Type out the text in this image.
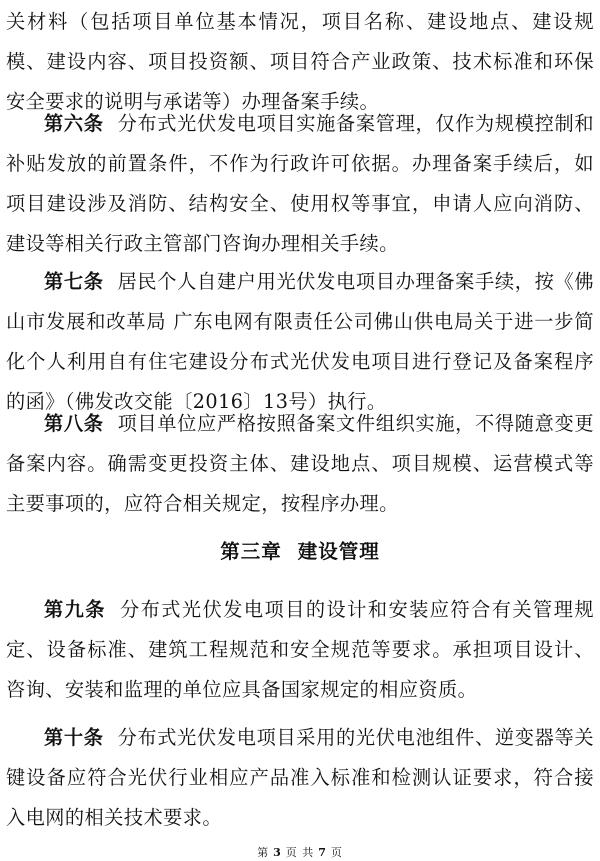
关材料（包括项目单位基本情况，项目名称、建设地点、建设规模、建设内容、项目投资额、项目符合产业政策、技术标准和环保安全要求的说明与承诺等）办理备案手续。

第六条 分布式光伏发电项目实施备案管理，仅作为规模控制和补贴发放的前置条件，不作为行政许可依据。办理备案手续后，如项目建设涉及消防、结构安全、使用权等事宜，申请人应向消防、建设等相关行政主管部门咨询办理相关手续。

第七条 居民个人自建户用光伏发电项目办理备案手续，按《佛山市发展和改革局 广东电网有限责任公司佛山供电局关于进一步简化个人利用自有住宅建设分布式光伏发电项目进行登记及备案程序的函》（佛发改交能〔2016〕13号）执行。

第八条 项目单位应严格按照备案文件组织实施，不得随意变更备案内容。确需变更投资主体、建设地点、项目规模、运营模式等主要事项的，应符合相关规定，按程序办理。

第三章 建设管理

第九条 分布式光伏发电项目的设计和安装应符合有关管理规定、设备标准、建筑工程规范和安全规范等要求。承担项目设计、咨询、安装和监理的单位应具备国家规定的相应资质。

第十条 分布式光伏发电项目采用的光伏电池组件、逆变器等关键设备应符合光伏行业相应产品准入标准和检测认证要求，符合接入电网的相关技术要求。

第 3 页 共 7 页
